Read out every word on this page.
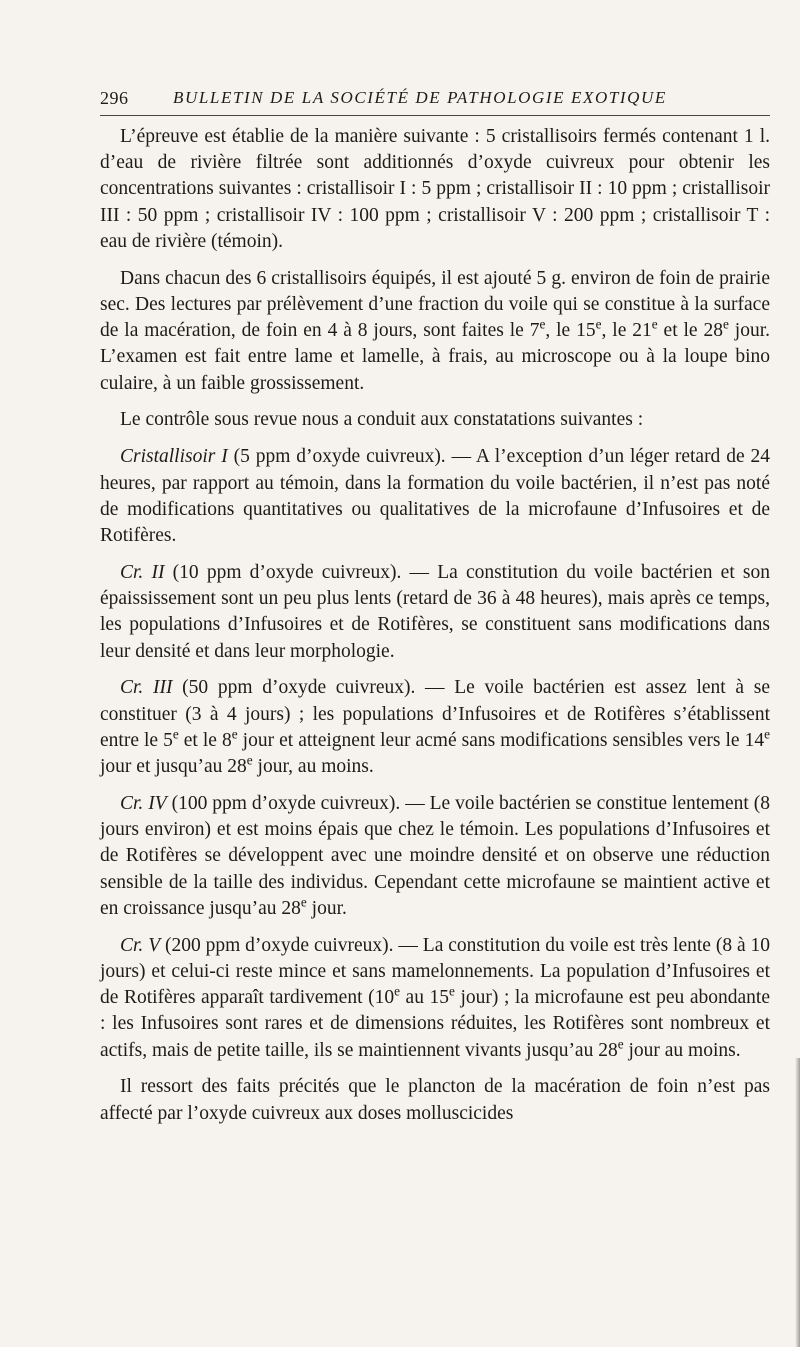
296	BULLETIN DE LA SOCIÉTÉ DE PATHOLOGIE EXOTIQUE

L’épreuve est établie de la manière suivante : 5 cristallisoirs fermés contenant 1 l. d’eau de rivière filtrée sont additionnés d’oxyde cuivreux pour obtenir les concentrations suivantes : cristallisoir I : 5 ppm ; cristallisoir II : 10 ppm ; cristallisoir III : 50 ppm ; cristallisoir IV : 100 ppm ; cristallisoir V : 200 ppm ; cristallisoir T : eau de rivière (témoin).

Dans chacun des 6 cristallisoirs équipés, il est ajouté 5 g. environ de foin de prairie sec. Des lectures par prélèvement d’une fraction du voile qui se constitue à la surface de la macération, de foin en 4 à 8 jours, sont faites le 7e, le 15e, le 21e et le 28e jour. L’examen est fait entre lame et lamelle, à frais, au microscope ou à la loupe bino culaire, à un faible grossissement.

Le contrôle sous revue nous a conduit aux constatations suivantes :

Cristallisoir I (5 ppm d’oxyde cuivreux). — A l’exception d’un léger retard de 24 heures, par rapport au témoin, dans la formation du voile bactérien, il n’est pas noté de modifications quantitatives ou qualitatives de la microfaune d’Infusoires et de Rotifères.

Cr. II (10 ppm d’oxyde cuivreux). — La constitution du voile bactérien et son épaississement sont un peu plus lents (retard de 36 à 48 heures), mais après ce temps, les populations d’Infusoires et de Rotifères, se constituent sans modifications dans leur densité et dans leur morphologie.

Cr. III (50 ppm d’oxyde cuivreux). — Le voile bactérien est assez lent à se constituer (3 à 4 jours) ; les populations d’Infusoires et de Rotifères s’établissent entre le 5e et le 8e jour et atteignent leur acmé sans modifications sensibles vers le 14e jour et jusqu’au 28e jour, au moins.

Cr. IV (100 ppm d’oxyde cuivreux). — Le voile bactérien se constitue lentement (8 jours environ) et est moins épais que chez le témoin. Les populations d’Infusoires et de Rotifères se développent avec une moindre densité et on observe une réduction sensible de la taille des individus. Cependant cette microfaune se maintient active et en croissance jusqu’au 28e jour.

Cr. V (200 ppm d’oxyde cuivreux). — La constitution du voile est très lente (8 à 10 jours) et celui-ci reste mince et sans mamelonnements. La population d’Infusoires et de Rotifères apparaît tardivement (10e au 15e jour) ; la microfaune est peu abondante : les Infusoires sont rares et de dimensions réduites, les Rotifères sont nombreux et actifs, mais de petite taille, ils se maintiennent vivants jusqu’au 28e jour au moins.

Il ressort des faits précités que le plancton de la macération de foin n’est pas affecté par l’oxyde cuivreux aux doses molluscicides
